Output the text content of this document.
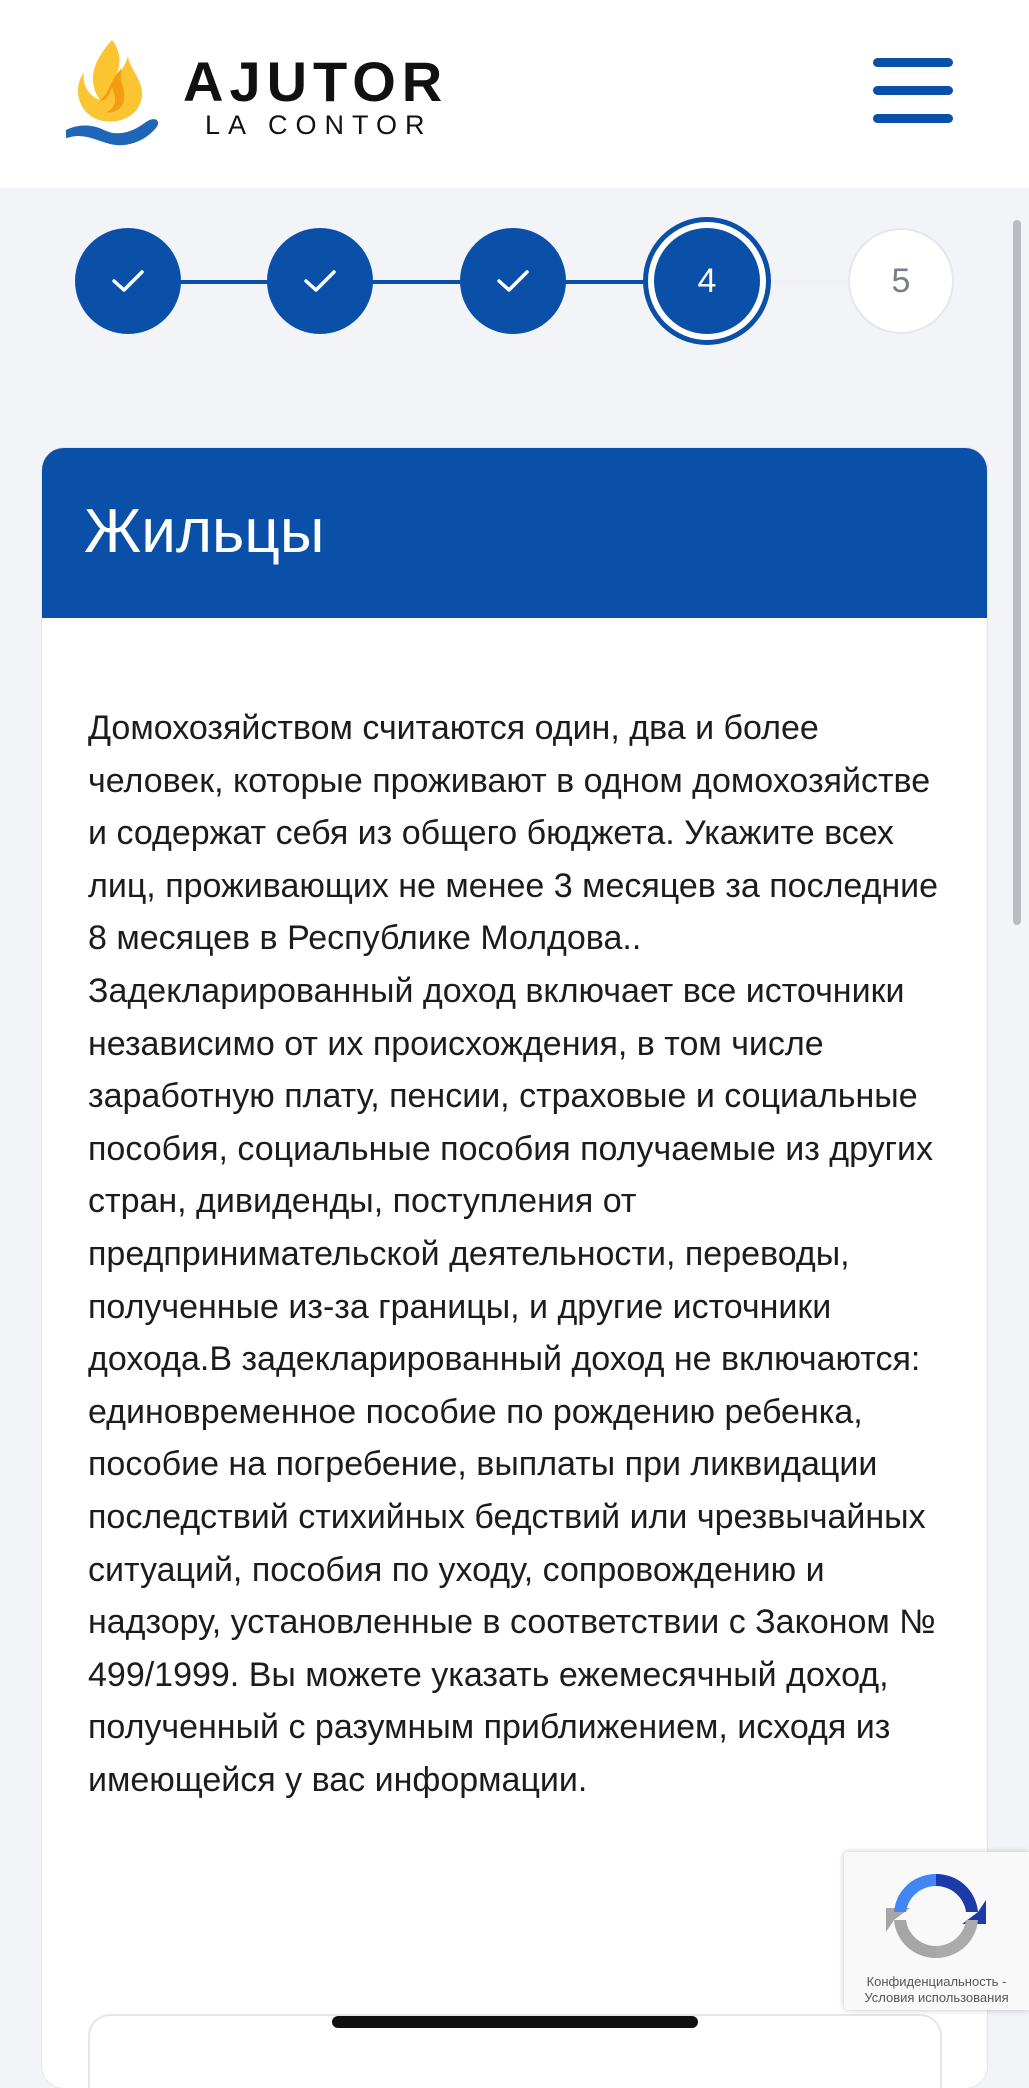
AJUTOR
LA CONTOR
4	5
Жильцы

Домохозяйством считаются один, два и более человек, которые проживают в одном домохозяйстве и содержат себя из общего бюджета. Укажите всех лиц, проживающих не менее 3 месяцев за последние 8 месяцев в Республике Молдова.. Задекларированный доход включает все источники независимо от их происхождения, в том числе заработную плату, пенсии, страховые и социальные пособия, социальные пособия получаемые из других стран, дивиденды, поступления от предпринимательской деятельности, переводы, полученные из-за границы, и другие источники дохода.В задекларированный доход не включаются: единовременное пособие по рождению ребенка, пособие на погребение, выплаты при ликвидации последствий стихийных бедствий или чрезвычайных ситуаций, пособия по уходу, сопровождению и надзору, установленные в соответствии с Законом № 499/1999. Вы можете указать ежемесячный доход, полученный с разумным приближением, исходя из имеющейся у вас информации.

Конфиденциальность -
Условия использования
